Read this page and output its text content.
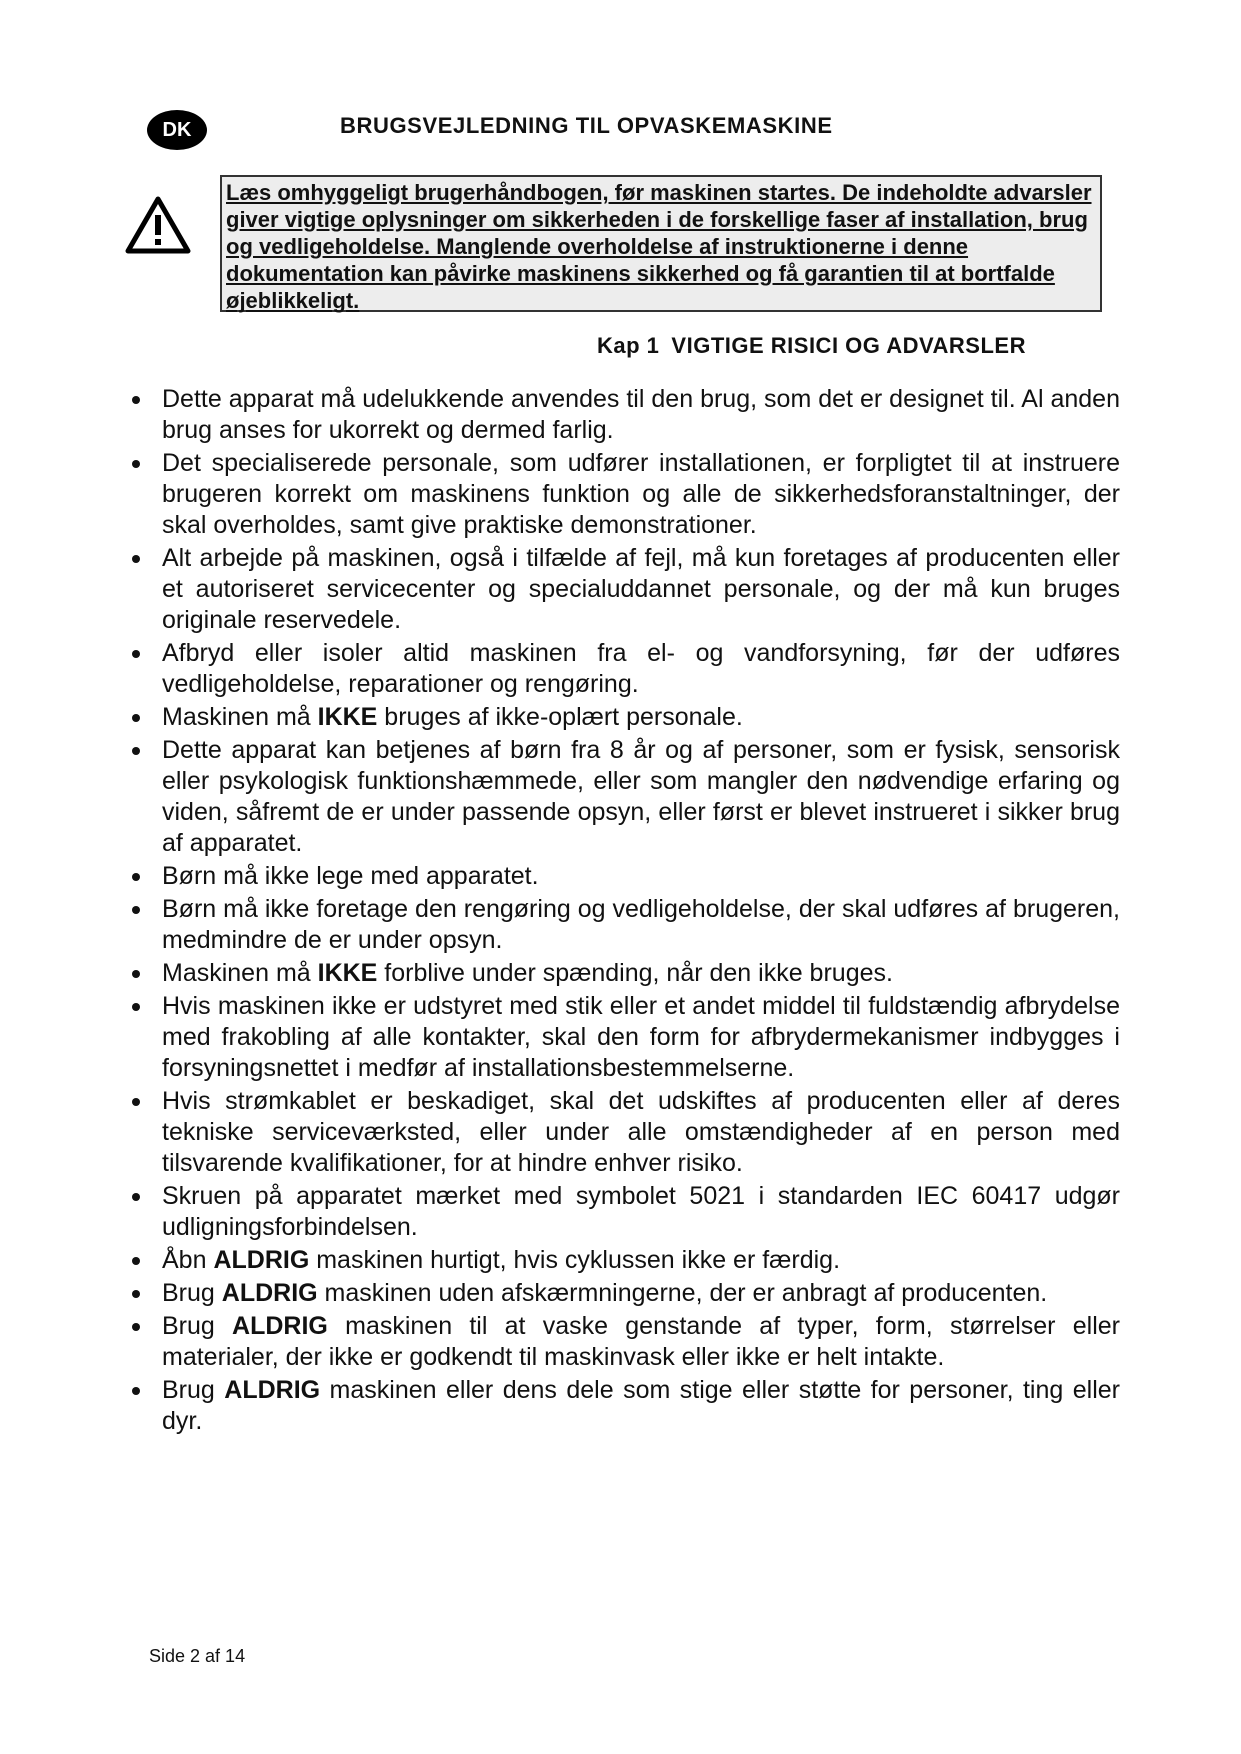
DK	BRUGSVEJLEDNING TIL OPVASKEMASKINE
Læs omhyggeligt brugerhåndbogen, før maskinen startes. De indeholdte advarsler giver vigtige oplysninger om sikkerheden i de forskellige faser af installation, brug og vedligeholdelse. Manglende overholdelse af instruktionerne i denne dokumentation kan påvirke maskinens sikkerhed og få garantien til at bortfalde øjeblikkeligt.
Kap 1 VIGTIGE RISICI OG ADVARSLER
Dette apparat må udelukkende anvendes til den brug, som det er designet til. Al anden brug anses for ukorrekt og dermed farlig.
Det specialiserede personale, som udfører installationen, er forpligtet til at instruere brugeren korrekt om maskinens funktion og alle de sikkerhedsforanstaltninger, der skal overholdes, samt give praktiske demonstrationer.
Alt arbejde på maskinen, også i tilfælde af fejl, må kun foretages af producenten eller et autoriseret servicecenter og specialuddannet personale, og der må kun bruges originale reservedele.
Afbryd eller isoler altid maskinen fra el- og vandforsyning, før der udføres vedligeholdelse, reparationer og rengøring.
Maskinen må IKKE bruges af ikke-oplært personale.
Dette apparat kan betjenes af børn fra 8 år og af personer, som er fysisk, sensorisk eller psykologisk funktionshæmmede, eller som mangler den nødvendige erfaring og viden, såfremt de er under passende opsyn, eller først er blevet instrueret i sikker brug af apparatet.
Børn må ikke lege med apparatet.
Børn må ikke foretage den rengøring og vedligeholdelse, der skal udføres af brugeren, medmindre de er under opsyn.
Maskinen må IKKE forblive under spænding, når den ikke bruges.
Hvis maskinen ikke er udstyret med stik eller et andet middel til fuldstændig afbrydelse med frakobling af alle kontakter, skal den form for afbrydermekanismer indbygges i forsyningsnettet i medfør af installationsbestemmelserne.
Hvis strømkablet er beskadiget, skal det udskiftes af producenten eller af deres tekniske serviceværksted, eller under alle omstændigheder af en person med tilsvarende kvalifikationer, for at hindre enhver risiko.
Skruen på apparatet mærket med symbolet 5021 i standarden IEC 60417 udgør udligningsforbindelsen.
Åbn ALDRIG maskinen hurtigt, hvis cyklussen ikke er færdig.
Brug ALDRIG maskinen uden afskærmningerne, der er anbragt af producenten.
Brug ALDRIG maskinen til at vaske genstande af typer, form, størrelser eller materialer, der ikke er godkendt til maskinvask eller ikke er helt intakte.
Brug ALDRIG maskinen eller dens dele som stige eller støtte for personer, ting eller dyr.
Side 2 af 14
